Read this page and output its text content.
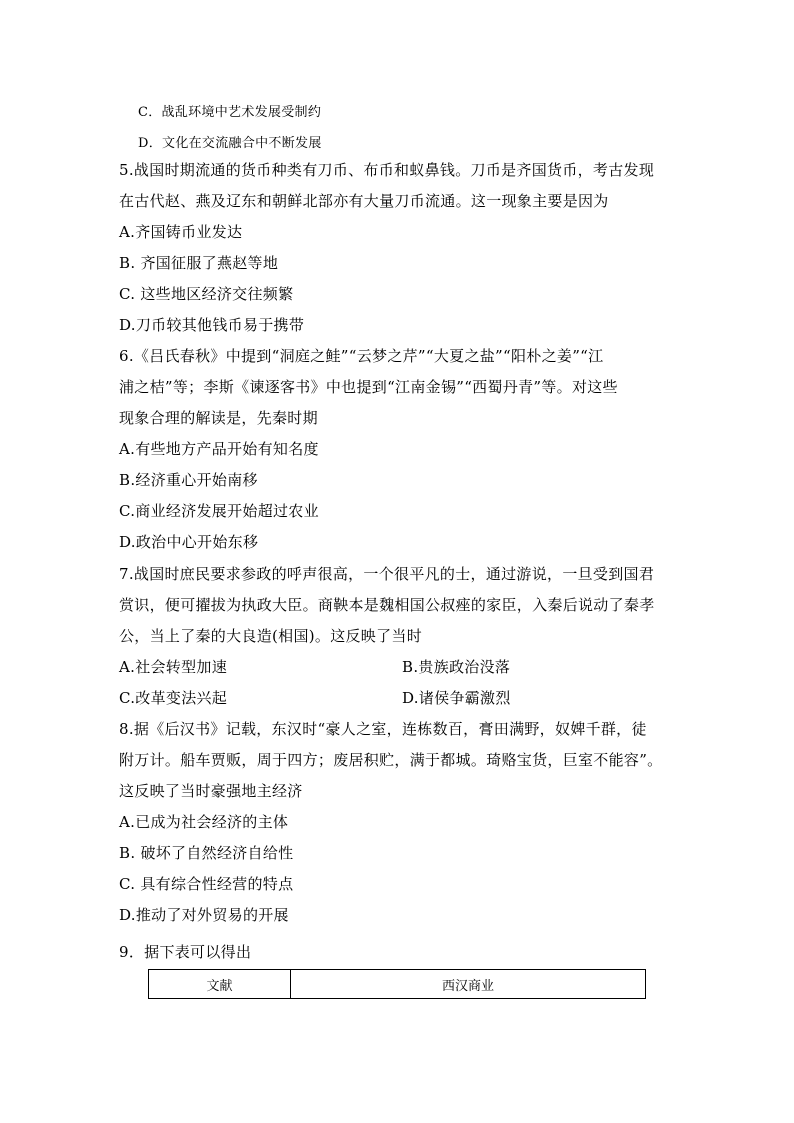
C．战乱环境中艺术发展受制约
D．文化在交流融合中不断发展
5.战国时期流通的货币种类有刀币、布币和蚁鼻钱。刀币是齐国货币，考古发现
在古代赵、燕及辽东和朝鲜北部亦有大量刀币流通。这一现象主要是因为
A.齐国铸币业发达
B. 齐国征服了燕赵等地
C. 这些地区经济交往频繁
D.刀币较其他钱币易于携带
6.《吕氏春秋》中提到“洞庭之鲑”“云梦之芹”“大夏之盐”“阳朴之姜”“江
浦之桔”等；李斯《谏逐客书》中也提到“江南金锡”“西蜀丹青”等。对这些
现象合理的解读是，先秦时期
A.有些地方产品开始有知名度
B.经济重心开始南移
C.商业经济发展开始超过农业
D.政治中心开始东移
7.战国时庶民要求参政的呼声很高，一个很平凡的士，通过游说，一旦受到国君
赏识，便可擢拔为执政大臣。商鞅本是魏相国公叔痤的家臣，入秦后说动了秦孝
公，当上了秦的大良造(相国)。这反映了当时
A.社会转型加速	B.贵族政治没落
C.改革变法兴起	D.诸侯争霸激烈
8.据《后汉书》记载，东汉时“豪人之室，连栋数百，膏田满野，奴婢千群，徒
附万计。船车贾贩，周于四方；废居积贮，满于都城。琦赂宝货，巨室不能容”。
这反映了当时豪强地主经济
A.已成为社会经济的主体
B. 破坏了自然经济自给性
C. 具有综合性经营的特点
D.推动了对外贸易的开展
9．据下表可以得出
文献	西汉商业
